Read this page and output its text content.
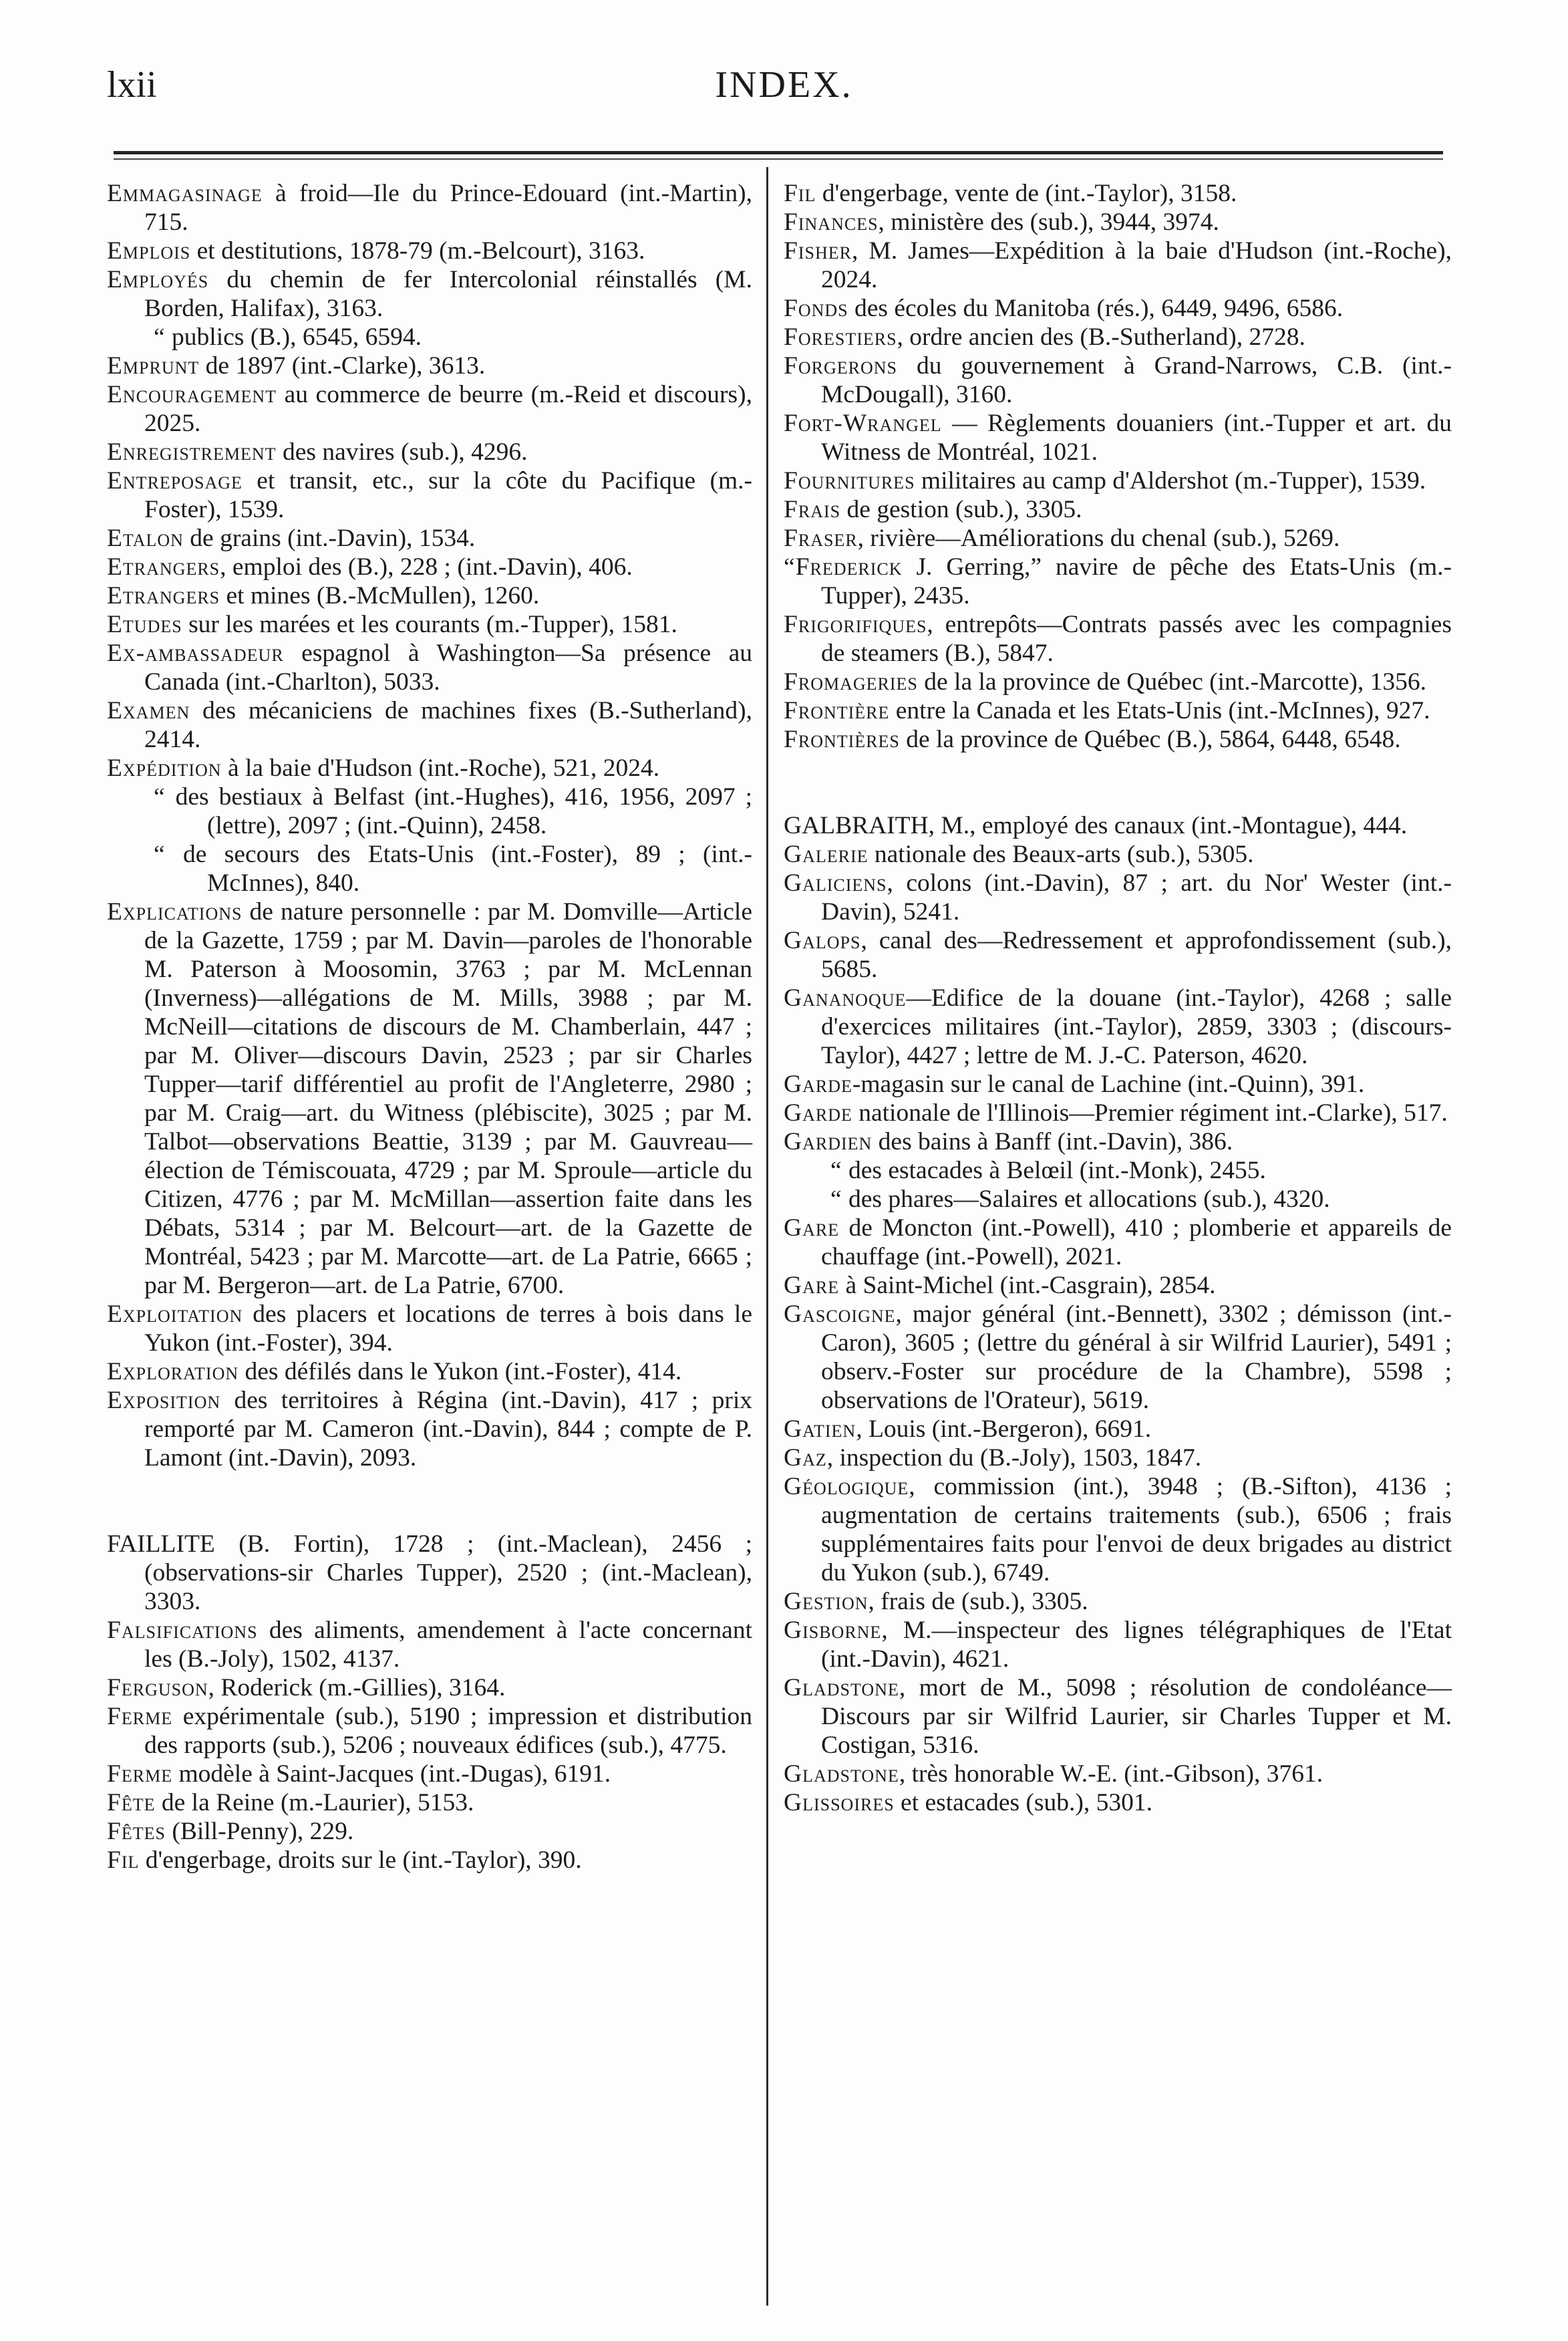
lxii	INDEX.

Emmagasinage à froid—Ile du Prince-Edouard (int.-Martin), 715.

Emplois et destitutions, 1878-79 (m.-Belcourt), 3163.

Employés du chemin de fer Intercolonial réinstallés (M. Borden, Halifax), 3163.

“ publics (B.), 6545, 6594.

Emprunt de 1897 (int.-Clarke), 3613.

Encouragement au commerce de beurre (m.-Reid et discours), 2025.

Enregistrement des navires (sub.), 4296.

Entreposage et transit, etc., sur la côte du Pacifique (m.-Foster), 1539.

Etalon de grains (int.-Davin), 1534.

Etrangers, emploi des (B.), 228 ; (int.-Davin), 406.

Etrangers et mines (B.-McMullen), 1260.

Etudes sur les marées et les courants (m.-Tupper), 1581.

Ex-ambassadeur espagnol à Washington—Sa présence au Canada (int.-Charlton), 5033.

Examen des mécaniciens de machines fixes (B.-Sutherland), 2414.

Expédition à la baie d'Hudson (int.-Roche), 521, 2024.

“ des bestiaux à Belfast (int.-Hughes), 416, 1956, 2097 ; (lettre), 2097 ; (int.-Quinn), 2458.

“ de secours des Etats-Unis (int.-Foster), 89 ; (int.-McInnes), 840.

Explications de nature personnelle : par M. Domville—Article de la Gazette, 1759 ; par M. Davin—paroles de l'honorable M. Paterson à Moosomin, 3763 ; par M. McLennan (Inverness)—allégations de M. Mills, 3988 ; par M. McNeill—citations de discours de M. Chamberlain, 447 ; par M. Oliver—discours Davin, 2523 ; par sir Charles Tupper—tarif différentiel au profit de l'Angleterre, 2980 ; par M. Craig—art. du Witness (plébiscite), 3025 ; par M. Talbot—observations Beattie, 3139 ; par M. Gauvreau—élection de Témiscouata, 4729 ; par M. Sproule—article du Citizen, 4776 ; par M. McMillan—assertion faite dans les Débats, 5314 ; par M. Belcourt—art. de la Gazette de Montréal, 5423 ; par M. Marcotte—art. de La Patrie, 6665 ; par M. Bergeron—art. de La Patrie, 6700.

Exploitation des placers et locations de terres à bois dans le Yukon (int.-Foster), 394.

Exploration des défilés dans le Yukon (int.-Foster), 414.

Exposition des territoires à Régina (int.-Davin), 417 ; prix remporté par M. Cameron (int.-Davin), 844 ; compte de P. Lamont (int.-Davin), 2093.

FAILLITE (B. Fortin), 1728 ; (int.-Maclean), 2456 ; (observations-sir Charles Tupper), 2520 ; (int.-Maclean), 3303.

Falsifications des aliments, amendement à l'acte concernant les (B.-Joly), 1502, 4137.

Ferguson, Roderick (m.-Gillies), 3164.

Ferme expérimentale (sub.), 5190 ; impression et distribution des rapports (sub.), 5206 ; nouveaux édifices (sub.), 4775.

Ferme modèle à Saint-Jacques (int.-Dugas), 6191.

Fête de la Reine (m.-Laurier), 5153.

Fêtes (Bill-Penny), 229.

Fil d'engerbage, droits sur le (int.-Taylor), 390.

Fil d'engerbage, vente de (int.-Taylor), 3158.

Finances, ministère des (sub.), 3944, 3974.

Fisher, M. James—Expédition à la baie d'Hudson (int.-Roche), 2024.

Fonds des écoles du Manitoba (rés.), 6449, 9496, 6586.

Forestiers, ordre ancien des (B.-Sutherland), 2728.

Forgerons du gouvernement à Grand-Narrows, C.B. (int.-McDougall), 3160.

Fort-Wrangel — Règlements douaniers (int.-Tupper et art. du Witness de Montréal, 1021.

Fournitures militaires au camp d'Aldershot (m.-Tupper), 1539.

Frais de gestion (sub.), 3305.

Fraser, rivière—Améliorations du chenal (sub.), 5269.

“Frederick J. Gerring,” navire de pêche des Etats-Unis (m.-Tupper), 2435.

Frigorifiques, entrepôts—Contrats passés avec les compagnies de steamers (B.), 5847.

Fromageries de la la province de Québec (int.-Marcotte), 1356.

Frontière entre la Canada et les Etats-Unis (int.-McInnes), 927.

Frontières de la province de Québec (B.), 5864, 6448, 6548.

GALBRAITH, M., employé des canaux (int.-Montague), 444.

Galerie nationale des Beaux-arts (sub.), 5305.

Galiciens, colons (int.-Davin), 87 ; art. du Nor' Wester (int.-Davin), 5241.

Galops, canal des—Redressement et approfondissement (sub.), 5685.

Gananoque—Edifice de la douane (int.-Taylor), 4268 ; salle d'exercices militaires (int.-Taylor), 2859, 3303 ; (discours-Taylor), 4427 ; lettre de M. J.-C. Paterson, 4620.

Garde-magasin sur le canal de Lachine (int.-Quinn), 391.

Garde nationale de l'Illinois—Premier régiment int.-Clarke), 517.

Gardien des bains à Banff (int.-Davin), 386.

“ des estacades à Belœil (int.-Monk), 2455.

“ des phares—Salaires et allocations (sub.), 4320.

Gare de Moncton (int.-Powell), 410 ; plomberie et appareils de chauffage (int.-Powell), 2021.

Gare à Saint-Michel (int.-Casgrain), 2854.

Gascoigne, major général (int.-Bennett), 3302 ; démisson (int.-Caron), 3605 ; (lettre du général à sir Wilfrid Laurier), 5491 ; observ.-Foster sur procédure de la Chambre), 5598 ; observations de l'Orateur), 5619.

Gatien, Louis (int.-Bergeron), 6691.

Gaz, inspection du (B.-Joly), 1503, 1847.

Géologique, commission (int.), 3948 ; (B.-Sifton), 4136 ; augmentation de certains traitements (sub.), 6506 ; frais supplémentaires faits pour l'envoi de deux brigades au district du Yukon (sub.), 6749.

Gestion, frais de (sub.), 3305.

Gisborne, M.—inspecteur des lignes télégraphiques de l'Etat (int.-Davin), 4621.

Gladstone, mort de M., 5098 ; résolution de condoléance—Discours par sir Wilfrid Laurier, sir Charles Tupper et M. Costigan, 5316.

Gladstone, très honorable W.-E. (int.-Gibson), 3761.

Glissoires et estacades (sub.), 5301.
